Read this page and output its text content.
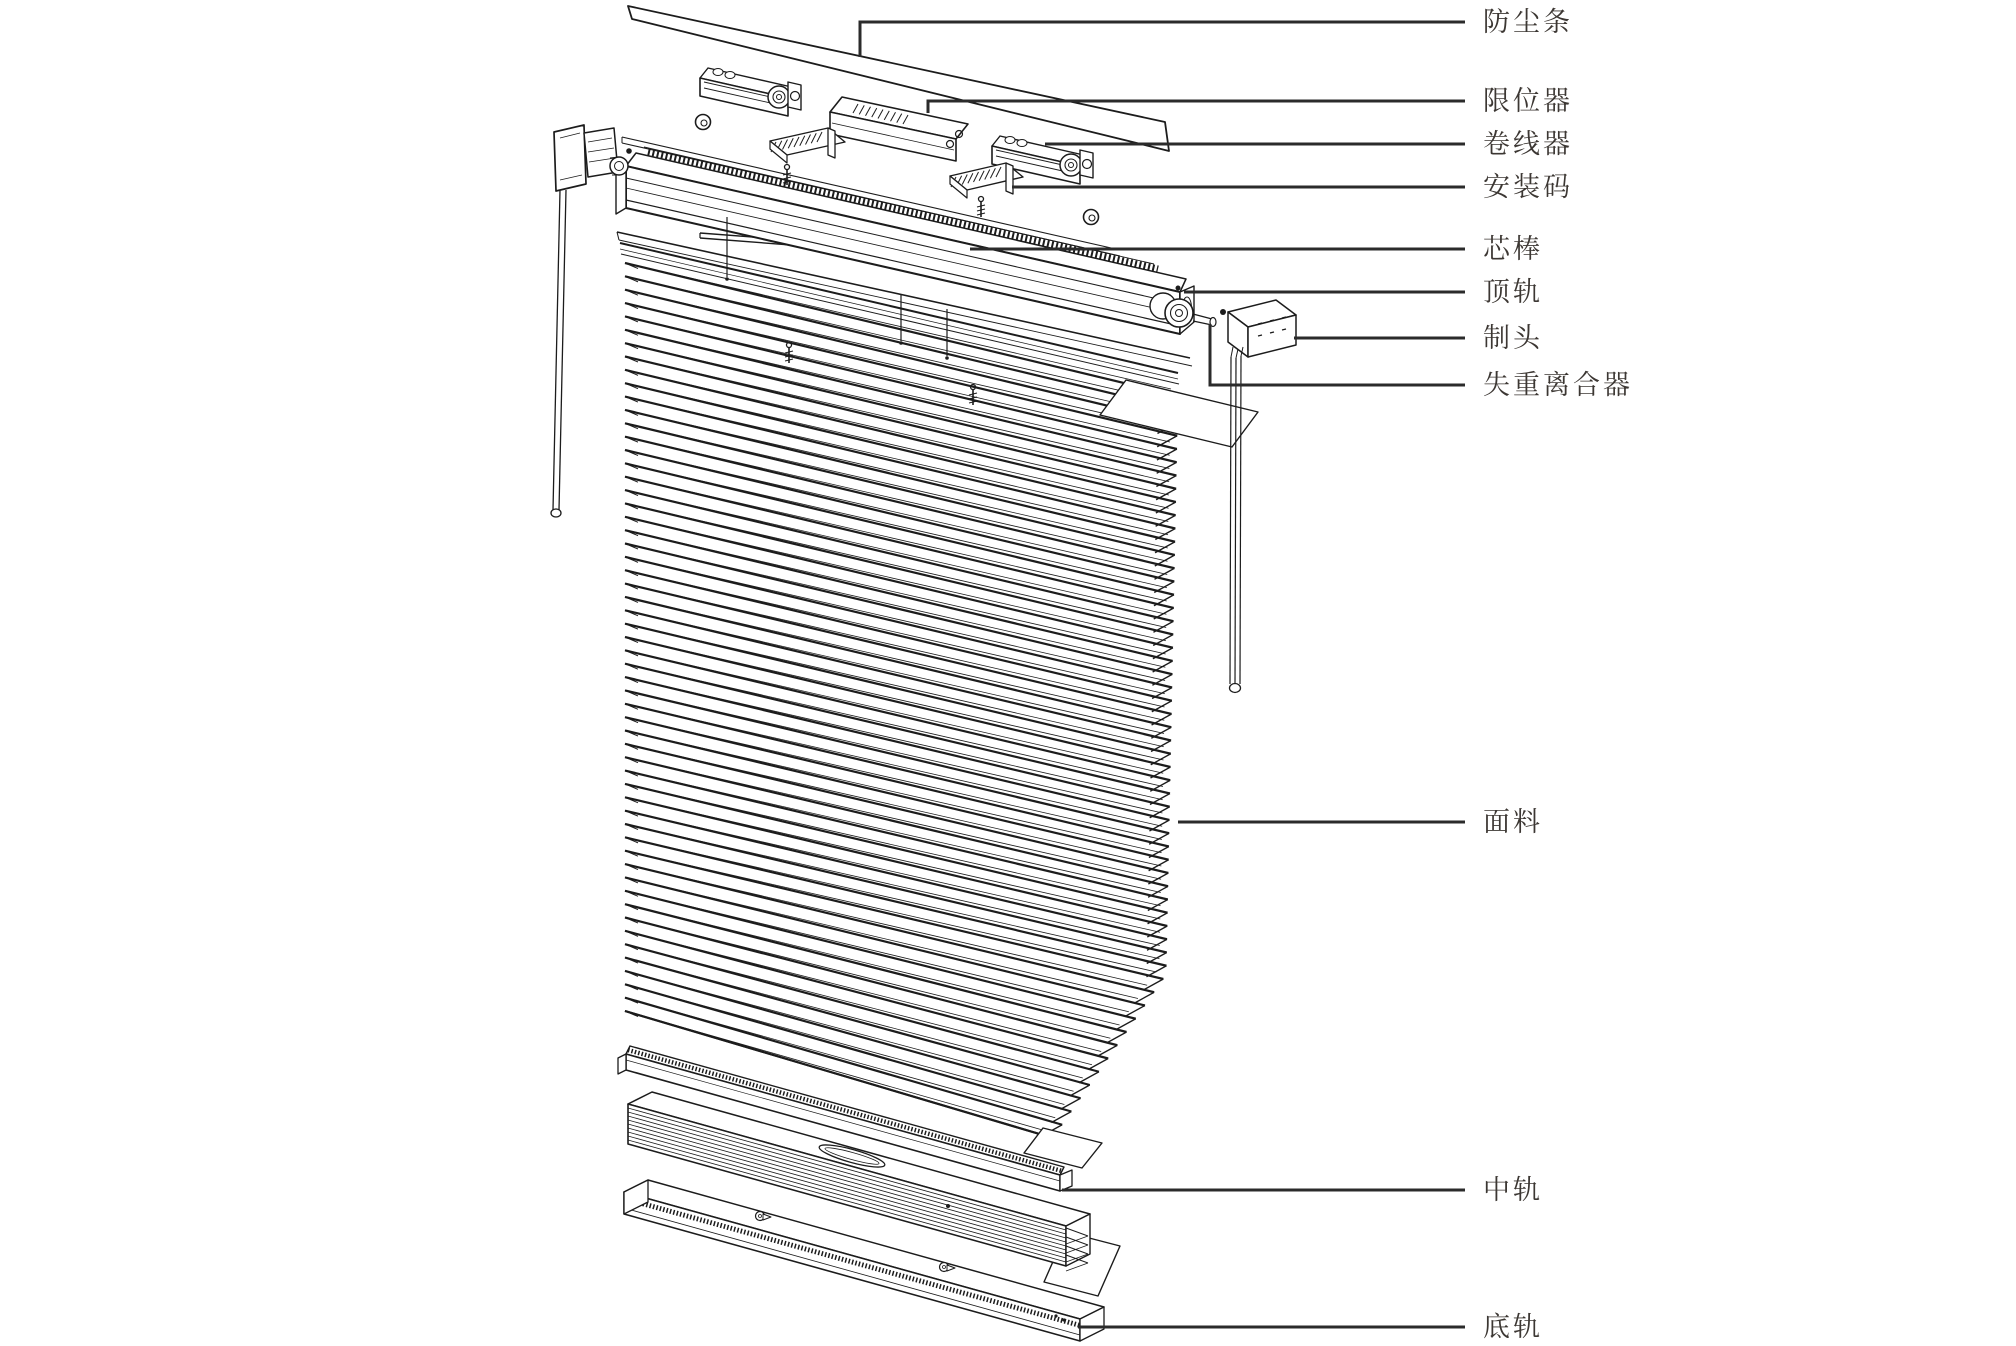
防尘条
限位器
卷线器
安装码
芯棒
顶轨
制头
失重离合器
面料
中轨
底轨
